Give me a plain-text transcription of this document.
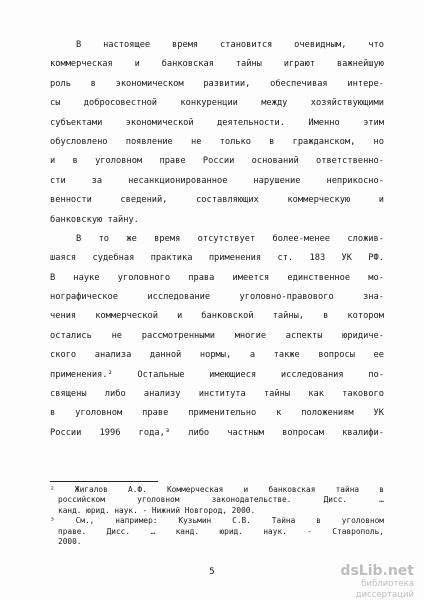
В настоящее время становится очевидным, что
коммерческая и банковская тайны играют важнейшую
роль в экономическом развитии, обеспечивая интере-
сы добросовестной конкуренции между хозяйствующими
субъектами экономической деятельности. Именно этим
обусловлено появление не только в гражданском, но
и в уголовном праве России оснований ответственно-
сти за несанкционированное нарушение неприкосно-
венности сведений, составляющих коммерческую и
банковскую тайну.
В то же время отсутствует более-менее сложив-
шаяся судебная практика применения ст. 183 УК РФ.
В науке уголовного права имеется единственное мо-
нографическое исследование уголовно-правового зна-
чения коммерческой и банковской тайны, в котором
остались не рассмотренными многие аспекты юридиче-
ского анализа данной нормы, а также вопросы ее
применения.² Остальные имеющиеся исследования по-
священы либо анализу института тайны как такового
в уголовном праве применительно к положениям УК
России 1996 года,³ либо частным вопросам квалифи-
² Жигалов А.Ф. Коммерческая и банковская тайна в
российском уголовном законодательстве. Дисс. …
канд. юрид. наук. - Нижний Новгород, 2000.
³ См., например: Кузьмин С.В. Тайна в уголовном
праве. Дисс. … канд. юрид. наук. - Ставрополь,
2000.
5	dsLib.net
библиотека диссертаций
